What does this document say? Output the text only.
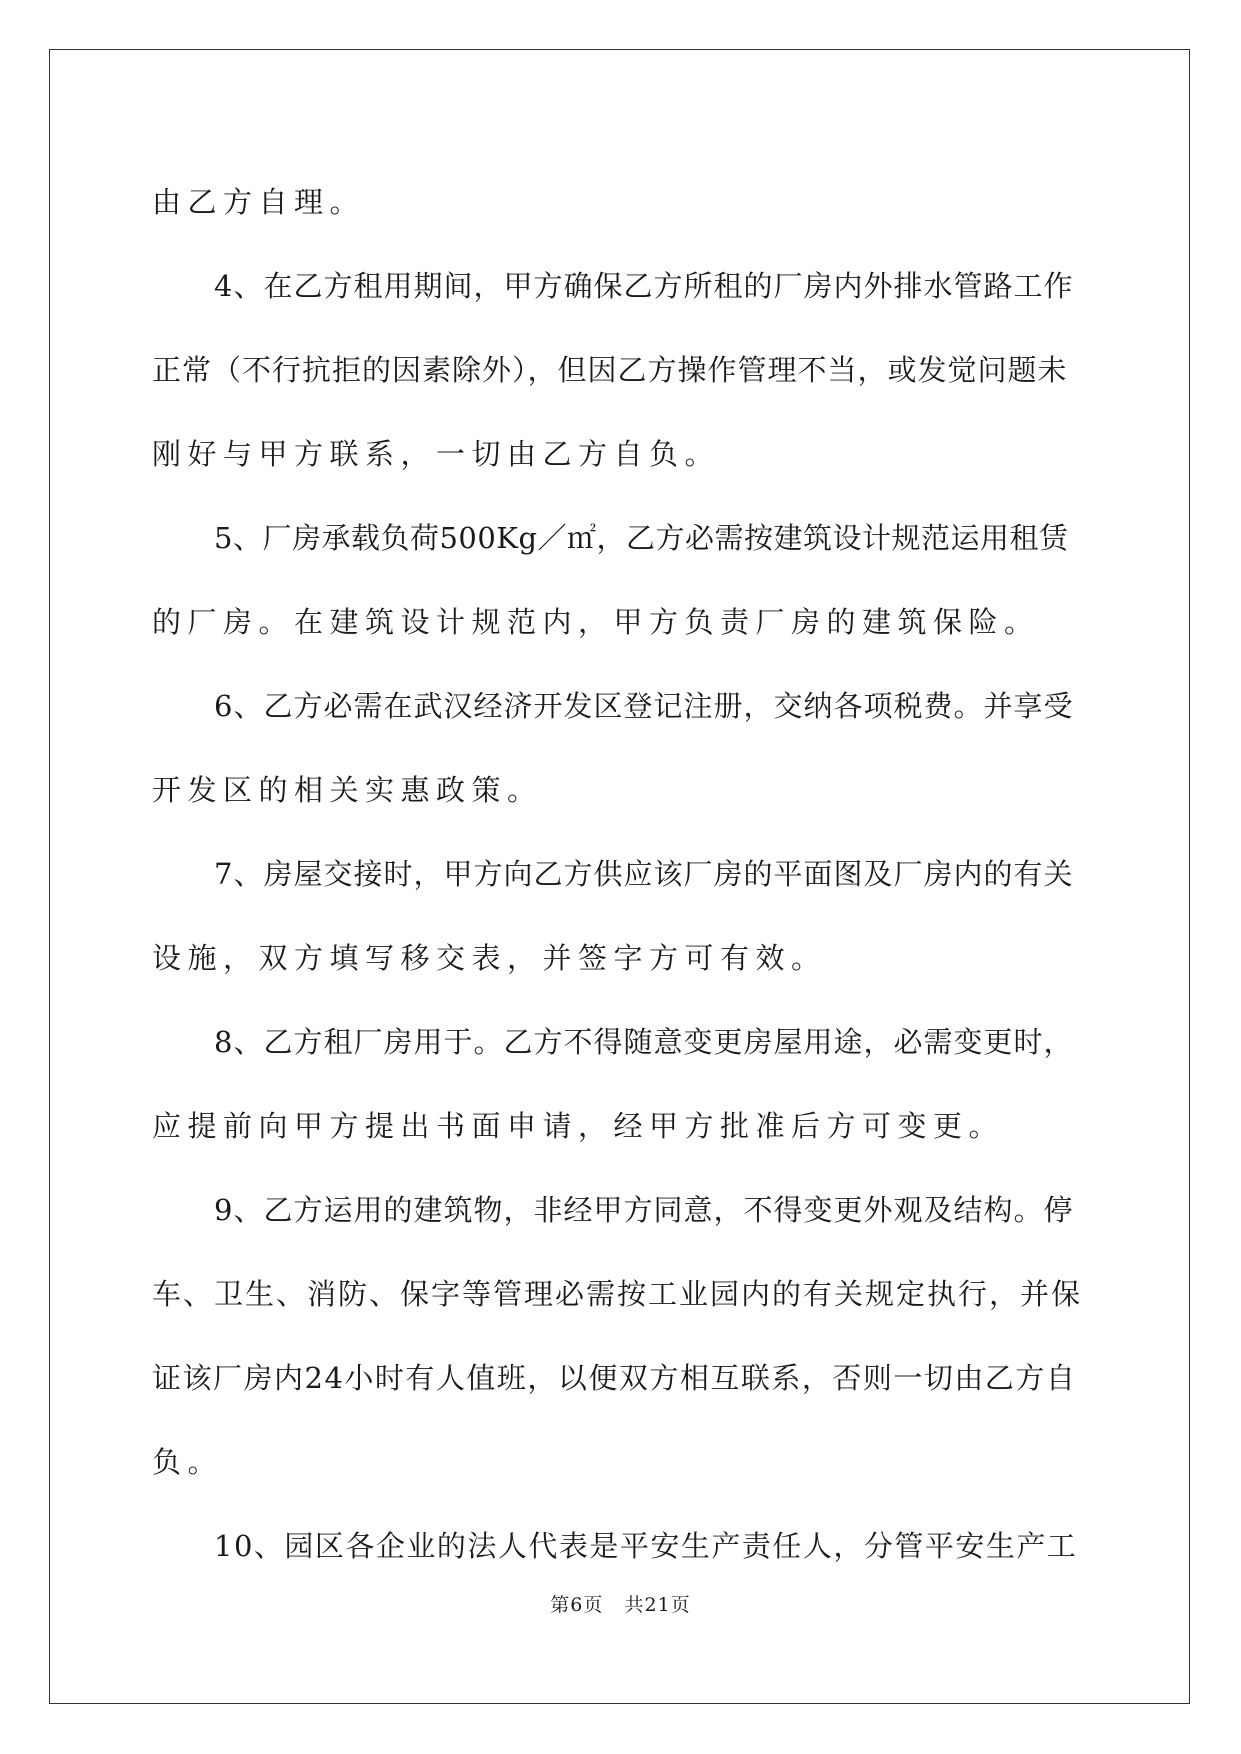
由乙方自理。
4、在乙方租用期间，甲方确保乙方所租的厂房内外排水管路工作
正常（不行抗拒的因素除外），但因乙方操作管理不当，或发觉问题未
刚好与甲方联系，一切由乙方自负。
5、厂房承载负荷500Kg／㎡，乙方必需按建筑设计规范运用租赁
的厂房。在建筑设计规范内，甲方负责厂房的建筑保险。
6、乙方必需在武汉经济开发区登记注册，交纳各项税费。并享受
开发区的相关实惠政策。
7、房屋交接时，甲方向乙方供应该厂房的平面图及厂房内的有关
设施，双方填写移交表，并签字方可有效。
8、乙方租厂房用于。乙方不得随意变更房屋用途，必需变更时，
应提前向甲方提出书面申请，经甲方批准后方可变更。
9、乙方运用的建筑物，非经甲方同意，不得变更外观及结构。停
车、卫生、消防、保字等管理必需按工业园内的有关规定执行，并保
证该厂房内24小时有人值班，以便双方相互联系，否则一切由乙方自
负。
10、园区各企业的法人代表是平安生产责任人，分管平安生产工
第6页 共21页
